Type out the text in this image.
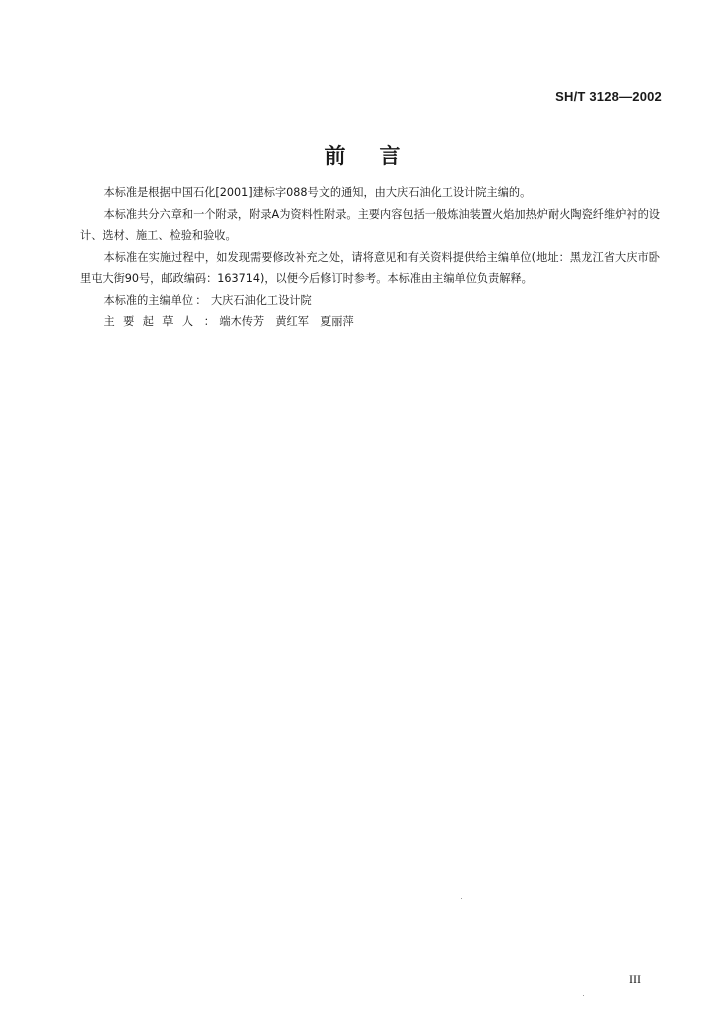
SH/T 3128—2002
前言

本标准是根据中国石化[2001]建标字088号文的通知，由大庆石油化工设计院主编的。

本标准共分六章和一个附录，附录A为资料性附录。主要内容包括一般炼油装置火焰加热炉耐火陶瓷纤维炉衬的设计、选材、施工、检验和验收。

本标准在实施过程中，如发现需要修改补充之处，请将意见和有关资料提供给主编单位(地址：黑龙江省大庆市卧里屯大街90号，邮政编码：163714)，以便今后修订时参考。本标准由主编单位负责解释。

本标准的主编单位 ： 大庆石油化工设计院
主要起草人 ： 端木传芳 黄红军 夏丽萍
III
